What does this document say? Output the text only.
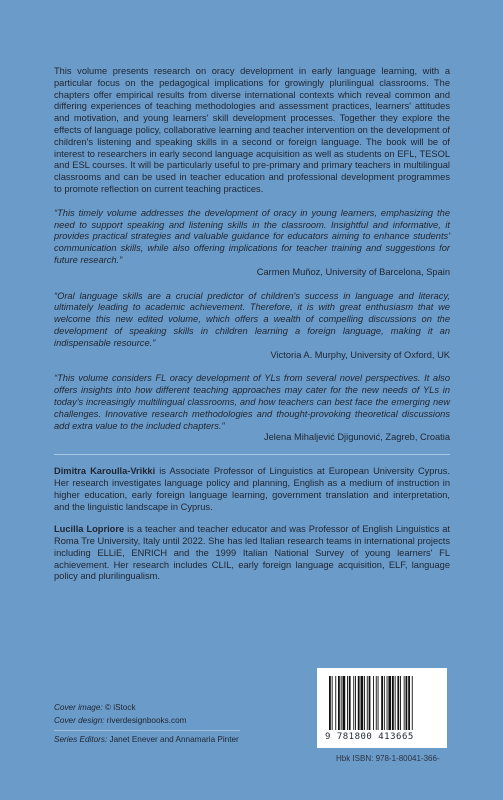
This volume presents research on oracy development in early language learning, with a particular focus on the pedagogical implications for growingly plurilingual classrooms. The chapters offer empirical results from diverse international contexts which reveal common and differing experiences of teaching methodologies and assessment practices, learners' attitudes and motivation, and young learners' skill development processes. Together they explore the effects of language policy, collaborative learning and teacher intervention on the development of children's listening and speaking skills in a second or foreign language. The book will be of interest to researchers in early second language acquisition as well as students on EFL, TESOL and ESL courses. It will be particularly useful to pre-primary and primary teachers in multilingual classrooms and can be used in teacher education and professional development programmes to promote reflection on current teaching practices.

“This timely volume addresses the development of oracy in young learners, emphasizing the need to support speaking and listening skills in the classroom. Insightful and informative, it provides practical strategies and valuable guidance for educators aiming to enhance students' communication skills, while also offering implications for teacher training and suggestions for future research.”

Carmen Muñoz, University of Barcelona, Spain

“Oral language skills are a crucial predictor of children's success in language and literacy, ultimately leading to academic achievement. Therefore, it is with great enthusiasm that we welcome this new edited volume, which offers a wealth of compelling discussions on the development of speaking skills in children learning a foreign language, making it an indispensable resource.”

Victoria A. Murphy, University of Oxford, UK

“This volume considers FL oracy development of YLs from several novel perspectives. It also offers insights into how different teaching approaches may cater for the new needs of YLs in today's increasingly multilingual classrooms, and how teachers can best face the emerging new challenges. Innovative research methodologies and thought-provoking theoretical discussions add extra value to the included chapters.”

Jelena Mihaljević Djigunović, Zagreb, Croatia

Dimitra Karoulla-Vrikki is Associate Professor of Linguistics at European University Cyprus. Her research investigates language policy and planning, English as a medium of instruction in higher education, early foreign language learning, government translation and interpretation, and the linguistic landscape in Cyprus.

Lucilla Lopriore is a teacher and teacher educator and was Professor of English Linguistics at Roma Tre University, Italy until 2022. She has led Italian research teams in international projects including ELLiE, ENRICH and the 1999 Italian National Survey of young learners' FL achievement. Her research includes CLIL, early foreign language acquisition, ELF, language policy and plurilingualism.

Cover image: © iStock
Cover design: riverdesignbooks.com
Series Editors: Janet Enever and Annamaria Pinter	9 781800 413665
Hbk ISBN: 978-1-80041-366-
